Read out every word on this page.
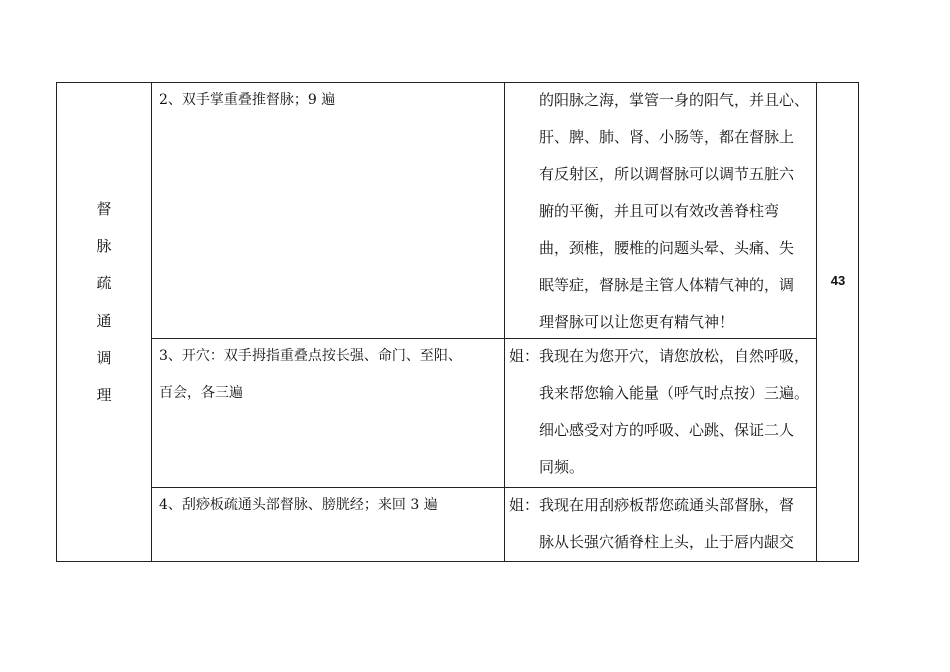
督
脉
疏
通
调
理
2、双手掌重叠推督脉；9 遍	的阳脉之海，掌管一身的阳气，并且心、
肝、脾、肺、肾、小肠等，都在督脉上
有反射区，所以调督脉可以调节五脏六
腑的平衡，并且可以有效改善脊柱弯
曲，颈椎，腰椎的问题头晕、头痛、失
眠等症，督脉是主管人体精气神的，调
理督脉可以让您更有精气神！
3、开穴：双手拇指重叠点按长强、命门、至阳、
百会，各三遍
姐：我现在为您开穴，请您放松，自然呼吸，
我来帮您输入能量（呼气时点按）三遍。
细心感受对方的呼吸、心跳、保证二人
同频。
4、刮痧板疏通头部督脉、膀胱经；来回 3 遍	姐：我现在用刮痧板帮您疏通头部督脉，督
脉从长强穴循脊柱上头，止于唇内龈交
43
